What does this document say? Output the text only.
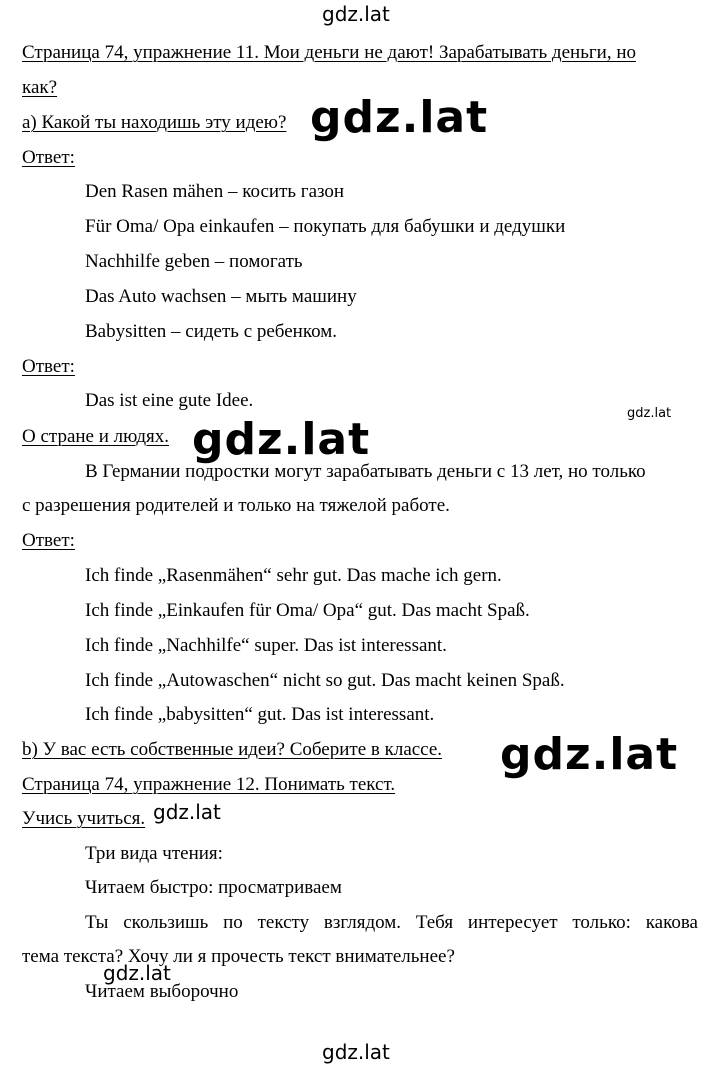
gdz.lat
Страница 74, упражнение 11. Мои деньги не дают! Зарабатывать деньги, но
как?
а) Какой ты находишь эту идею? gdz.lat
Ответ:
Den Rasen mähen – косить газон
Für Oma/ Opa einkaufen – покупать для бабушки и дедушки
Nachhilfe geben – помогать
Das Auto wachsen – мыть машину
Babysitten – сидеть с ребенком.
Ответ:
Das ist eine gute Idee.
gdz.lat
О стране и людях. gdz.lat
В Германии подростки могут зарабатывать деньги с 13 лет, но только
с разрешения родителей и только на тяжелой работе.
Ответ:
Ich finde „Rasenmähen“ sehr gut. Das mache ich gern.
Ich finde „Einkaufen für Oma/ Opa“ gut. Das macht Spaß.
Ich finde „Nachhilfe“ super. Das ist interessant.
Ich finde „Autowaschen“ nicht so gut. Das macht keinen Spaß.
Ich finde „babysitten“ gut. Das ist interessant.
b) У вас есть собственные идеи? Соберите в классе. gdz.lat
Страница 74, упражнение 12. Понимать текст.
Учись учиться. gdz.lat
Три вида чтения:
Читаем быстро: просматриваем
Ты скользишь по тексту взглядом. Тебя интересует только: какова
тема текста? Хочу ли я прочесть текст внимательнее?
gdz.lat
Читаем выборочно
gdz.lat
